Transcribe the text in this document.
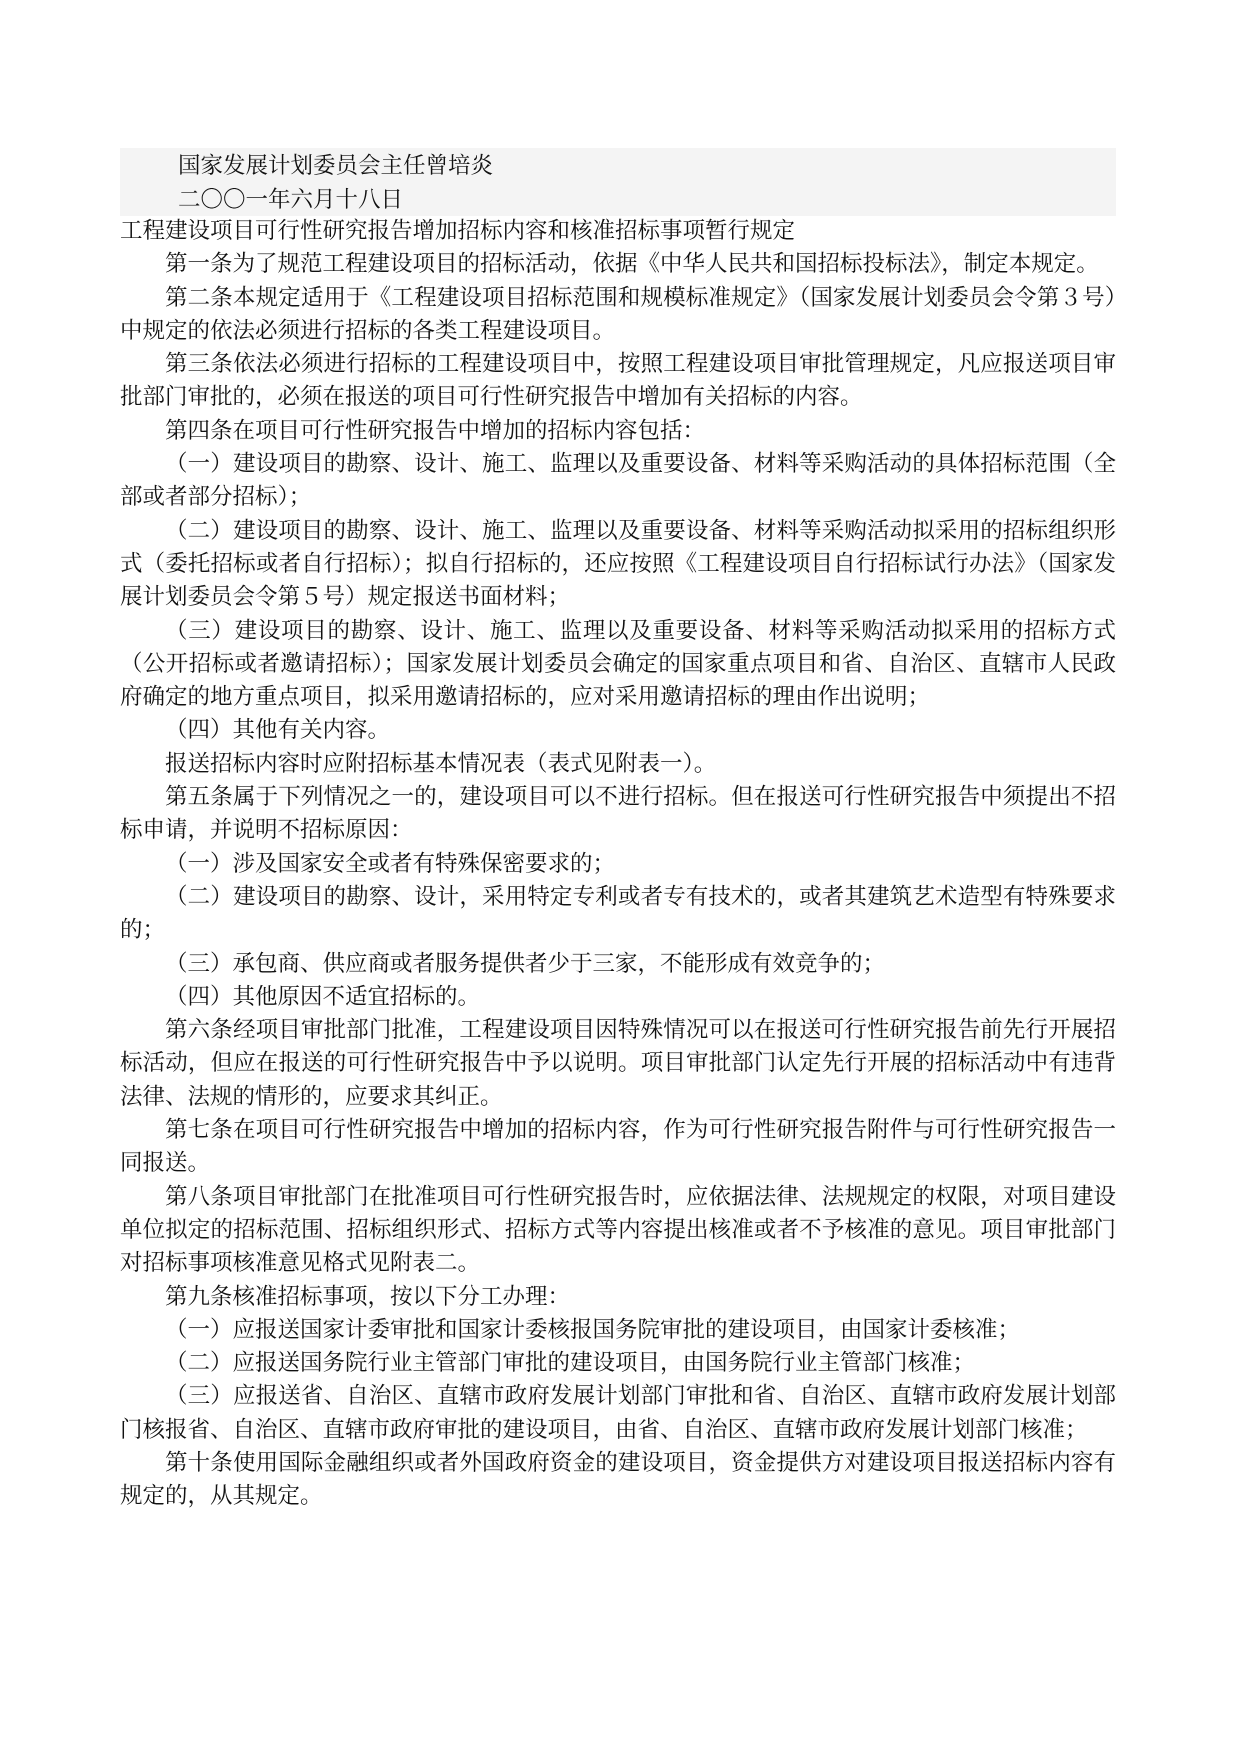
国家发展计划委员会主任曾培炎
二〇〇一年六月十八日

工程建设项目可行性研究报告增加招标内容和核准招标事项暂行规定

第一条为了规范工程建设项目的招标活动，依据《中华人民共和国招标投标法》，制定本规定。

第二条本规定适用于《工程建设项目招标范围和规模标准规定》（国家发展计划委员会令第３号）中规定的依法必须进行招标的各类工程建设项目。

第三条依法必须进行招标的工程建设项目中，按照工程建设项目审批管理规定，凡应报送项目审批部门审批的，必须在报送的项目可行性研究报告中增加有关招标的内容。

第四条在项目可行性研究报告中增加的招标内容包括：

（一）建设项目的勘察、设计、施工、监理以及重要设备、材料等采购活动的具体招标范围（全部或者部分招标）；

（二）建设项目的勘察、设计、施工、监理以及重要设备、材料等采购活动拟采用的招标组织形式（委托招标或者自行招标）；拟自行招标的，还应按照《工程建设项目自行招标试行办法》（国家发展计划委员会令第５号）规定报送书面材料；

（三）建设项目的勘察、设计、施工、监理以及重要设备、材料等采购活动拟采用的招标方式（公开招标或者邀请招标）；国家发展计划委员会确定的国家重点项目和省、自治区、直辖市人民政府确定的地方重点项目，拟采用邀请招标的，应对采用邀请招标的理由作出说明；

（四）其他有关内容。

报送招标内容时应附招标基本情况表（表式见附表一）。

第五条属于下列情况之一的，建设项目可以不进行招标。但在报送可行性研究报告中须提出不招标申请，并说明不招标原因：

（一）涉及国家安全或者有特殊保密要求的；

（二）建设项目的勘察、设计，采用特定专利或者专有技术的，或者其建筑艺术造型有特殊要求的；

（三）承包商、供应商或者服务提供者少于三家，不能形成有效竞争的；

（四）其他原因不适宜招标的。

第六条经项目审批部门批准，工程建设项目因特殊情况可以在报送可行性研究报告前先行开展招标活动，但应在报送的可行性研究报告中予以说明。项目审批部门认定先行开展的招标活动中有违背法律、法规的情形的，应要求其纠正。

第七条在项目可行性研究报告中增加的招标内容，作为可行性研究报告附件与可行性研究报告一同报送。

第八条项目审批部门在批准项目可行性研究报告时，应依据法律、法规规定的权限，对项目建设单位拟定的招标范围、招标组织形式、招标方式等内容提出核准或者不予核准的意见。项目审批部门对招标事项核准意见格式见附表二。

第九条核准招标事项，按以下分工办理：

（一）应报送国家计委审批和国家计委核报国务院审批的建设项目，由国家计委核准；

（二）应报送国务院行业主管部门审批的建设项目，由国务院行业主管部门核准；

（三）应报送省、自治区、直辖市政府发展计划部门审批和省、自治区、直辖市政府发展计划部门核报省、自治区、直辖市政府审批的建设项目，由省、自治区、直辖市政府发展计划部门核准；

第十条使用国际金融组织或者外国政府资金的建设项目，资金提供方对建设项目报送招标内容有规定的，从其规定。
